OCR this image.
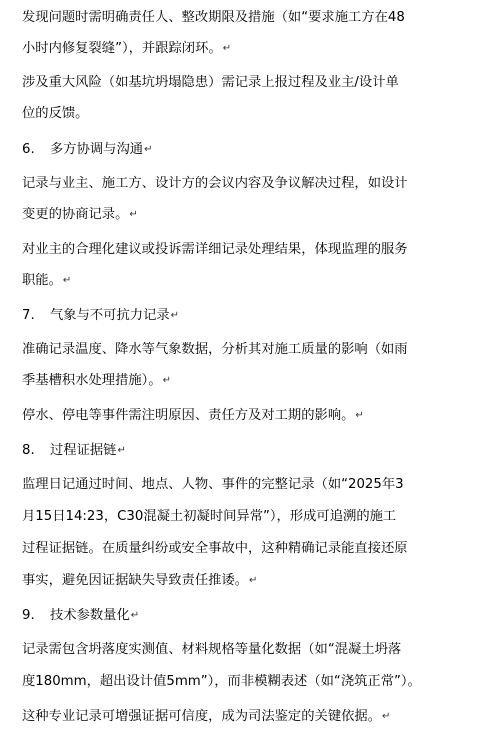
发现问题时需明确责任人、整改期限及措施（如“要求施工方在48
小时内修复裂缝”），并跟踪闭环。↵
涉及重大风险（如基坑坍塌隐患）需记录上报过程及业主/设计单
位的反馈。
6. 多方协调与沟通↵
记录与业主、施工方、设计方的会议内容及争议解决过程，如设计
变更的协商记录。↵
对业主的合理化建议或投诉需详细记录处理结果，体现监理的服务
职能。↵
7. 气象与不可抗力记录↵
准确记录温度、降水等气象数据，分析其对施工质量的影响（如雨
季基槽积水处理措施）。↵
停水、停电等事件需注明原因、责任方及对工期的影响。↵
8. 过程证据链↵
监理日记通过时间、地点、人物、事件的完整记录（如“2025年3
月15日14:23，C30混凝土初凝时间异常”），形成可追溯的施工
过程证据链。在质量纠纷或安全事故中，这种精确记录能直接还原
事实，避免因证据缺失导致责任推诿。↵
9. 技术参数量化↵
记录需包含坍落度实测值、材料规格等量化数据（如“混凝土坍落
度180mm，超出设计值5mm”），而非模糊表述（如“浇筑正常”）。
这种专业记录可增强证据可信度，成为司法鉴定的关键依据。↵
